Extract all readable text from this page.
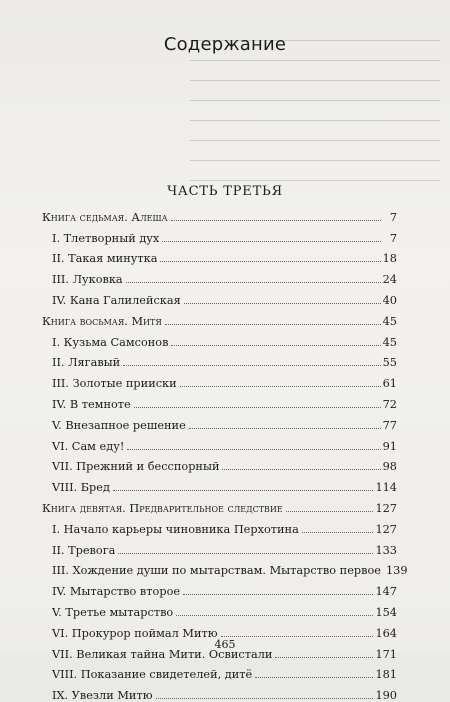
Содержание
ЧАСТЬ ТРЕТЬЯ
Книга седьмая. Алеша	7
I. Тлетворный дух	7
II. Такая минутка	18
III. Луковка	24
IV. Кана Галилейская	40
Книга восьмая. Митя	45
I. Кузьма Самсонов	45
II. Лягавый	55
III. Золотые прииски	61
IV. В темноте	72
V. Внезапное решение	77
VI. Сам еду!	91
VII. Прежний и бесспорный	98
VIII. Бред	114
Книга девятая. Предварительное следствие	127
I. Начало карьеры чиновника Перхотина	127
II. Тревога	133
III. Хождение души по мытарствам. Мытарство первое 139
IV. Мытарство второе	147
V. Третье мытарство	154
VI. Прокурор поймал Митю	164
VII. Великая тайна Мити. Освистали	171
VIII. Показание свидетелей, дитё	181
IX. Увезли Митю	190
465
